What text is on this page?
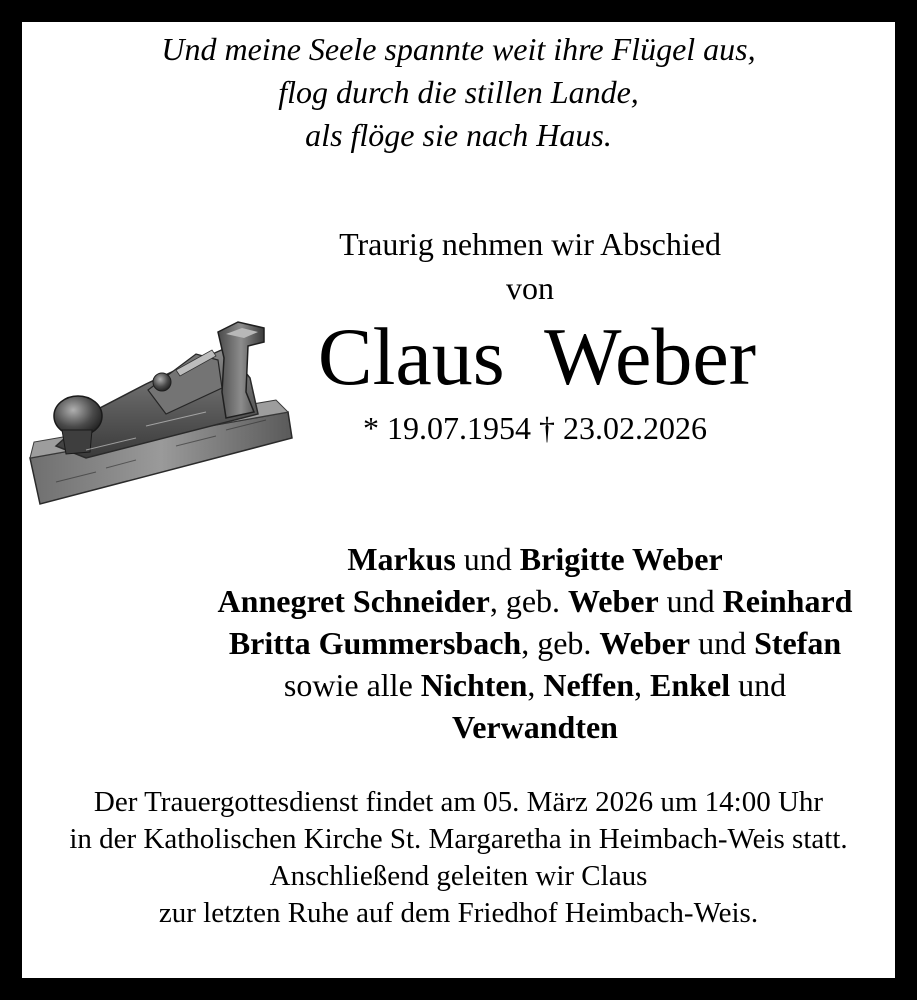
Und meine Seele spannte weit ihre Flügel aus,
flog durch die stillen Lande,
als flöge sie nach Haus.
Traurig nehmen wir Abschied
von
Claus  Weber
* 19.07.1954 † 23.02.2026
Markus und Brigitte Weber
Annegret Schneider, geb. Weber und Reinhard
Britta Gummersbach, geb. Weber und Stefan
sowie alle Nichten, Neffen, Enkel und
Verwandten
Der Trauergottesdienst findet am 05. März 2026 um 14:00 Uhr
in der Katholischen Kirche St. Margaretha in Heimbach-Weis statt.
Anschließend geleiten wir Claus
zur letzten Ruhe auf dem Friedhof Heimbach-Weis.
